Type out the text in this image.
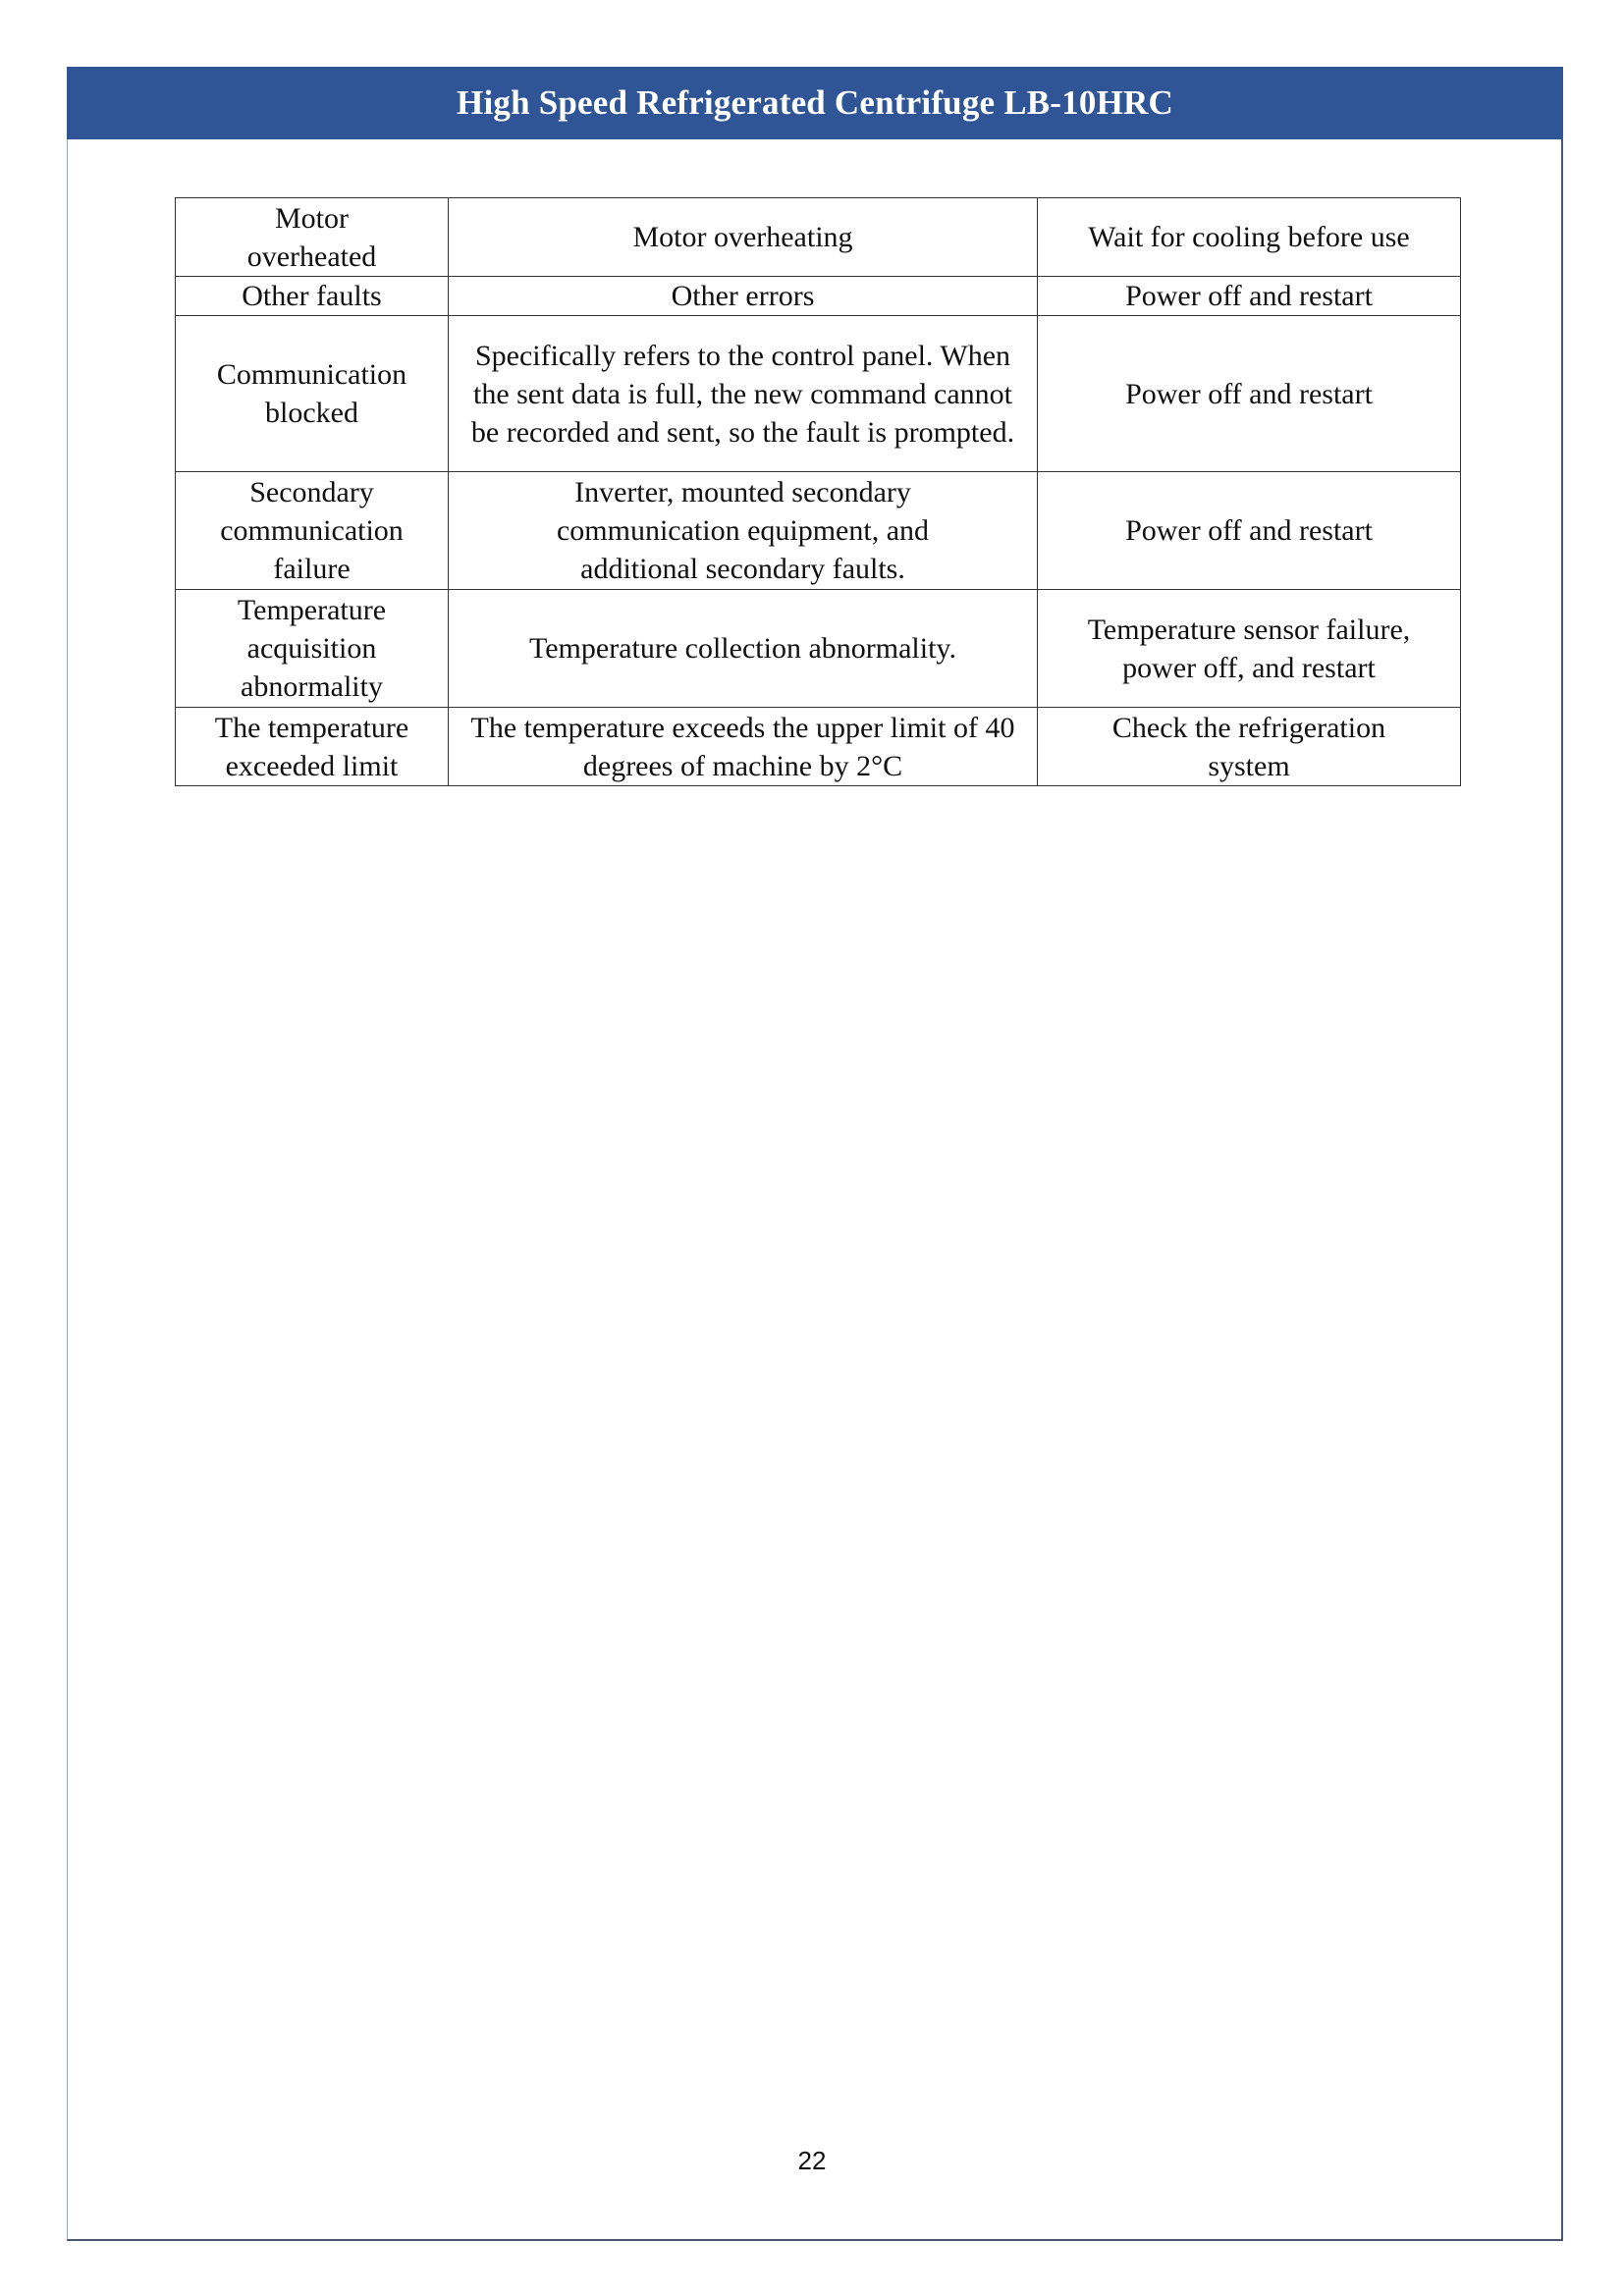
High Speed Refrigerated Centrifuge LB-10HRC
Motor overheated	Motor overheating	Wait for cooling before use
Other faults	Other errors	Power off and restart
Communication blocked	Specifically refers to the control panel. When the sent data is full, the new command cannot be recorded and sent, so the fault is prompted.	Power off and restart
Secondary communication failure	Inverter, mounted secondary communication equipment, and additional secondary faults.	Power off and restart
Temperature acquisition abnormality	Temperature collection abnormality.	Temperature sensor failure, power off, and restart
The temperature exceeded limit	The temperature exceeds the upper limit of 40 degrees of machine by 2°C	Check the refrigeration system
22
